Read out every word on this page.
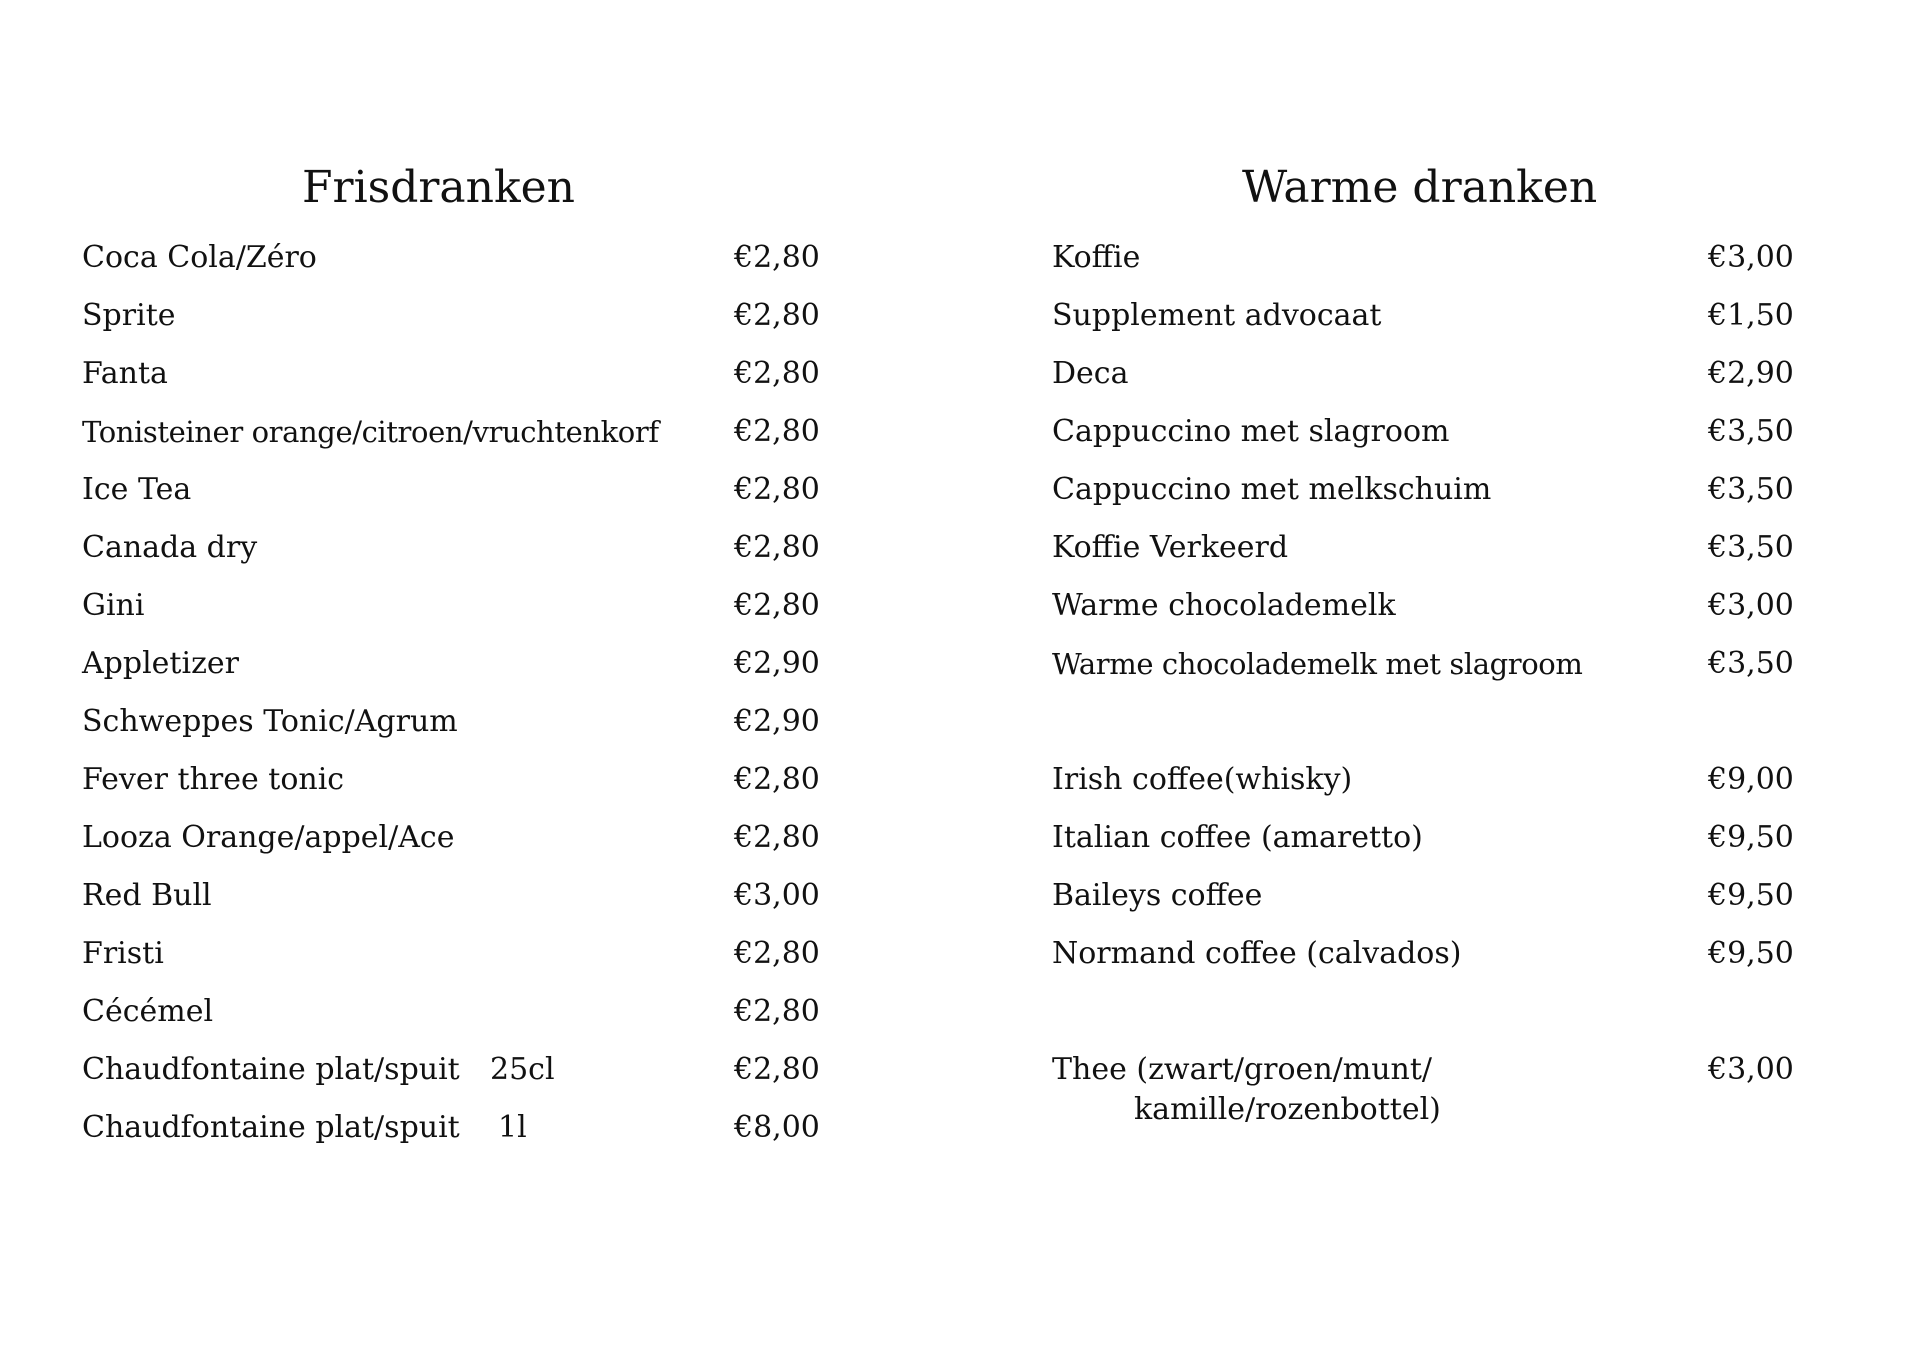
Frisdranken
Coca Cola/Zéro	€2,80
Sprite	€2,80
Fanta	€2,80
Tonisteiner orange/citroen/vruchtenkorf	€2,80
Ice Tea	€2,80
Canada dry	€2,80
Gini	€2,80
Appletizer	€2,90
Schweppes Tonic/Agrum	€2,90
Fever three tonic	€2,80
Looza Orange/appel/Ace	€2,80
Red Bull	€3,00
Fristi	€2,80
Cécémel	€2,80
Chaudfontaine plat/spuit 25cl	€2,80
Chaudfontaine plat/spuit 1l	€8,00
Warme dranken
Koffie	€3,00
Supplement advocaat	€1,50
Deca	€2,90
Cappuccino met slagroom	€3,50
Cappuccino met melkschuim	€3,50
Koffie Verkeerd	€3,50
Warme chocolademelk	€3,00
Warme chocolademelk met slagroom	€3,50
Irish coffee(whisky)	€9,00
Italian coffee (amaretto)	€9,50
Baileys coffee	€9,50
Normand coffee (calvados)	€9,50
Thee (zwart/groen/munt/
kamille/rozenbottel)
€3,00
